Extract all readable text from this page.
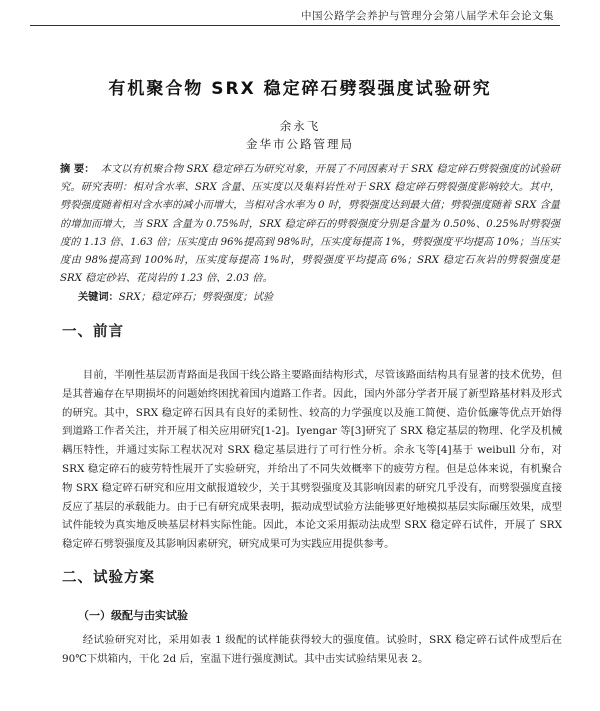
中国公路学会养护与管理分会第八届学术年会论文集
有机聚合物 SRX 稳定碎石劈裂强度试验研究
余永飞
金华市公路管理局
摘 要： 本文以有机聚合物 SRX 稳定碎石为研究对象，开展了不同因素对于 SRX 稳定碎石劈裂强度的试验研究。研究表明：相对含水率、SRX 含量、压实度以及集料岩性对于 SRX 稳定碎石劈裂强度影响较大。其中，劈裂强度随着相对含水率的减小而增大，当相对含水率为 0 时，劈裂强度达到最大值；劈裂强度随着 SRX 含量的增加而增大，当 SRX 含量为 0.75%时，SRX 稳定碎石的劈裂强度分别是含量为 0.50%、0.25%时劈裂强度的 1.13 倍、1.63 倍；压实度由 96%提高到 98%时，压实度每提高 1%，劈裂强度平均提高 10%；当压实度由 98%提高到 100%时，压实度每提高 1%时，劈裂强度平均提高 6%；SRX 稳定石灰岩的劈裂强度是 SRX 稳定砂岩、花岗岩的 1.23 倍、2.03 倍。
关键词：SRX；稳定碎石；劈裂强度；试验
一、前言
目前，半刚性基层沥青路面是我国干线公路主要路面结构形式，尽管该路面结构具有显著的技术优势，但是其普遍存在早期损坏的问题始终困扰着国内道路工作者。因此，国内外部分学者开展了新型路基材料及形式的研究。其中，SRX 稳定碎石因具有良好的柔韧性、较高的力学强度以及施工简便、造价低廉等优点开始得到道路工作者关注，并开展了相关应用研究[1-2]。Iyengar 等[3]研究了 SRX 稳定基层的物理、化学及机械耦压特性，并通过实际工程状况对 SRX 稳定基层进行了可行性分析。余永飞等[4]基于 weibull 分布，对 SRX 稳定碎石的疲劳特性展开了实验研究，并给出了不同失效概率下的疲劳方程。但是总体来说，有机聚合物 SRX 稳定碎石研究和应用文献报道较少，关于其劈裂强度及其影响因素的研究几乎没有，而劈裂强度直接反应了基层的承载能力。由于已有研究成果表明，振动成型试验方法能够更好地模拟基层实际碾压效果，成型试件能较为真实地反映基层材料实际性能。因此，本论文采用振动法成型 SRX 稳定碎石试件，开展了 SRX 稳定碎石劈裂强度及其影响因素研究，研究成果可为实践应用提供参考。
二、试验方案
（一）级配与击实试验
经试验研究对比，采用如表 1 级配的试样能获得较大的强度值。试验时，SRX 稳定碎石试件成型后在 90℃下烘箱内，干化 2d 后，室温下进行强度测试。其中击实试验结果见表 2。
